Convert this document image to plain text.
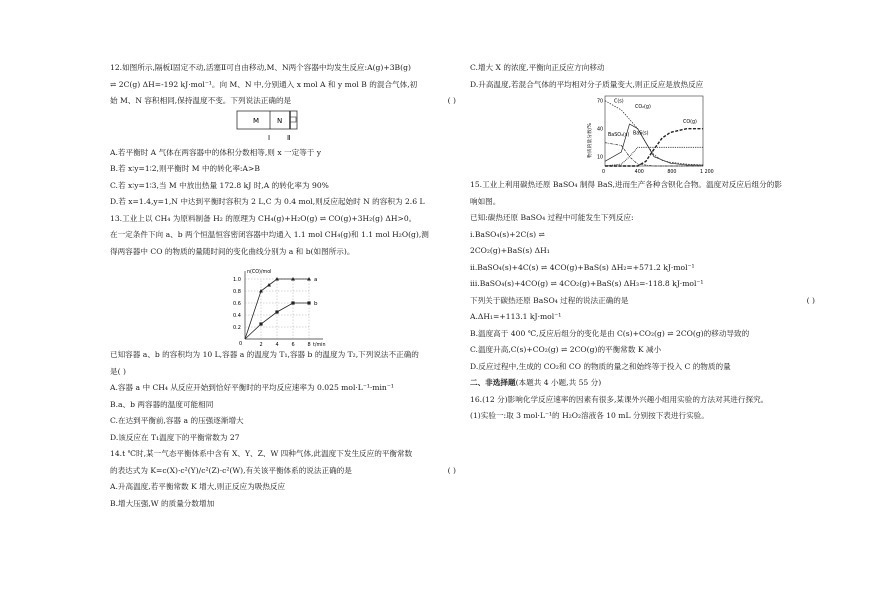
12.如图所示,隔板Ⅰ固定不动,活塞Ⅱ可自由移动,M、N两个容器中均发生反应:A(g)+3B(g)
⇌ 2C(g) ΔH=-192 kJ·mol⁻¹。向 M、N 中,分别通入 x mol A 和 y mol B 的混合气体,初
始 M、N 容积相同,保持温度不变。下列说法正确的是	( )
M	N
Ⅰ Ⅱ
A.若平衡时 A 气体在两容器中的体积分数相等,则 x 一定等于 y
B.若 x∶y=1∶2,则平衡时 M 中的转化率:A>B
C.若 x∶y=1∶3,当 M 中放出热量 172.8 kJ 时,A 的转化率为 90%
D.若 x=1.4,y=1,N 中达到平衡时容积为 2 L,C 为 0.4 mol,则反应起始时 N 的容积为 2.6 L
13.工业上以 CH₄ 为原料制备 H₂ 的原理为 CH₄(g)+H₂O(g) ⇌ CO(g)+3H₂(g) ΔH>0。
在一定条件下向 a、b 两个恒温恒容密闭容器中均通入 1.1 mol CH₄(g)和 1.1 mol H₂O(g),测
得两容器中 CO 的物质的量随时间的变化曲线分别为 a 和 b(如图所示)。
n(CO)/mol
t/min
0
1.0
0.8
0.6
0.4
0.2
2	4	6	8
a
b
已知容器 a、b 的容积均为 10 L,容器 a 的温度为 T₁,容器 b 的温度为 T₂,下列说法不正确的
是( )
A.容器 a 中 CH₄ 从反应开始到恰好平衡时的平均反应速率为 0.025 mol·L⁻¹·min⁻¹
B.a、b 两容器的温度可能相同
C.在达到平衡前,容器 a 的压强逐渐增大
D.该反应在 T₁温度下的平衡常数为 27
14.t ℃时,某一气态平衡体系中含有 X、Y、Z、W 四种气体,此温度下发生反应的平衡常数
的表达式为 K=c(X)·c²(Y)/c²(Z)·c²(W),有关该平衡体系的说法正确的是	( )
A.升高温度,若平衡常数 K 增大,则正反应为吸热反应
B.增大压强,W 的质量分数增加
C.增大 X 的浓度,平衡向正反应方向移动
D.升高温度,若混合气体的平均相对分子质量变大,则正反应是放热反应
物质的量分数/%
70
40
10
0	400	800	1 200
C(s)
CO₂(g)
CO(g)
BaS(s)
BaSO₄(s)
15.工业上利用碳热还原 BaSO₄ 制得 BaS,进而生产各种含钡化合物。温度对反应后组分的影
响如图。
已知:碳热还原 BaSO₄ 过程中可能发生下列反应:
ⅰ.BaSO₄(s)+2C(s) ⇌
2CO₂(g)+BaS(s) ΔH₁
ⅱ.BaSO₄(s)+4C(s) ⇌ 4CO(g)+BaS(s) ΔH₂=+571.2 kJ·mol⁻¹
ⅲ.BaSO₄(s)+4CO(g) ⇌ 4CO₂(g)+BaS(s) ΔH₃=-118.8 kJ·mol⁻¹
下列关于碳热还原 BaSO₄ 过程的说法正确的是	( )
A.ΔH₁=+113.1 kJ·mol⁻¹
B.温度高于 400 ℃,反应后组分的变化是由 C(s)+CO₂(g) ⇌ 2CO(g)的移动导致的
C.温度升高,C(s)+CO₂(g) ⇌ 2CO(g)的平衡常数 K 减小
D.反应过程中,生成的 CO₂和 CO 的物质的量之和始终等于投入 C 的物质的量
二、非选择题(本题共 4 小题,共 55 分)
16.(12 分)影响化学反应速率的因素有很多,某课外兴趣小组用实验的方法对其进行探究。
(1)实验一:取 3 mol·L⁻¹的 H₂O₂溶液各 10 mL 分别按下表进行实验。
